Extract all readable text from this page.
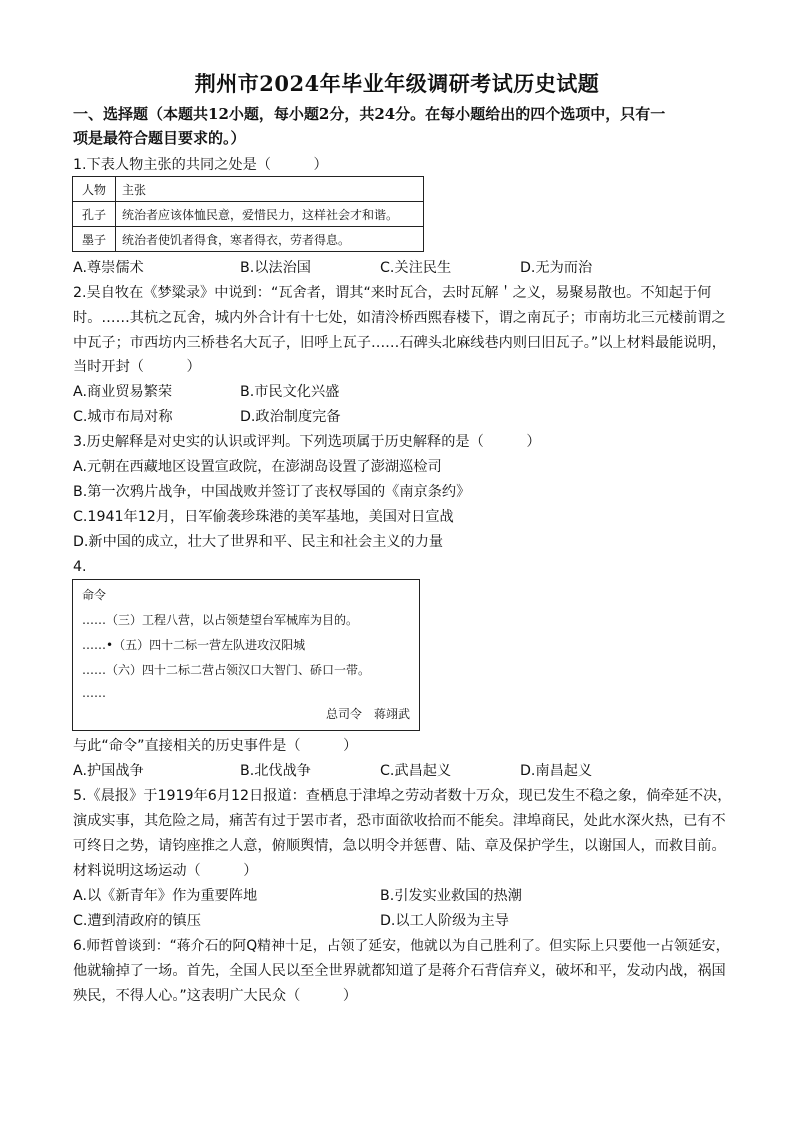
荆州市2024年毕业年级调研考试历史试题
一、选择题（本题共12小题，每小题2分，共24分。在每小题给出的四个选项中，只有一
项是最符合题目要求的。）
1.下表人物主张的共同之处是（　　　）
人物	主张
孔子	统治者应该体恤民意，爱惜民力，这样社会才和谐。
墨子	统治者使饥者得食，寒者得衣，劳者得息。
A.尊崇儒术	B.以法治国	C.关注民生	D.无为而治
2.吴自牧在《梦粱录》中说到：“瓦舍者，谓其“来时瓦合，去时瓦解＇之义，易聚易散也。不知起于何
时。……其杭之瓦舍，城内外合计有十七处，如清泠桥西熙春楼下，谓之南瓦子；市南坊北三元楼前谓之
中瓦子；市西坊内三桥巷名大瓦子，旧呼上瓦子……石碑头北麻线巷内则曰旧瓦子。”以上材料最能说明，
当时开封（　　　）
A.商业贸易繁荣	B.市民文化兴盛
C.城市布局对称	D.政治制度完备
3.历史解释是对史实的认识或评判。下列选项属于历史解释的是（　　　）
A.元朝在西藏地区设置宣政院，在澎湖岛设置了澎湖巡检司
B.第一次鸦片战争，中国战败并签订了丧权辱国的《南京条约》
C.1941年12月，日军偷袭珍珠港的美军基地，美国对日宣战
D.新中国的成立，壮大了世界和平、民主和社会主义的力量
4.
命令
……（三）工程八营，以占领楚望台军械库为目的。
……•（五）四十二标一营左队进攻汉阳城
……（六）四十二标二营占领汉口大智门、硚口一带。
……
总司令　蒋翊武
与此“命令”直接相关的历史事件是（　　　）
A.护国战争	B.北伐战争	C.武昌起义	D.南昌起义
5.《晨报》于1919年6月12日报道：查栖息于津埠之劳动者数十万众，现已发生不稳之象，倘牵延不决，
演成实事，其危险之局，痛苦有过于罢市者，恐市面欲收拾而不能矣。津埠商民，处此水深火热，已有不
可终日之势，请钧座推之人意，俯顺舆情，急以明令并惩曹、陆、章及保护学生，以谢国人，而救目前。
材料说明这场运动（　　　）
A.以《新青年》作为重要阵地	B.引发实业救国的热潮
C.遭到清政府的镇压	D.以工人阶级为主导
6.师哲曾谈到：“蒋介石的阿Q精神十足，占领了延安，他就以为自己胜利了。但实际上只要他一占领延安，
他就输掉了一场。首先，全国人民以至全世界就都知道了是蒋介石背信弃义，破坏和平，发动内战，祸国
殃民，不得人心。”这表明广大民众（　　　）
